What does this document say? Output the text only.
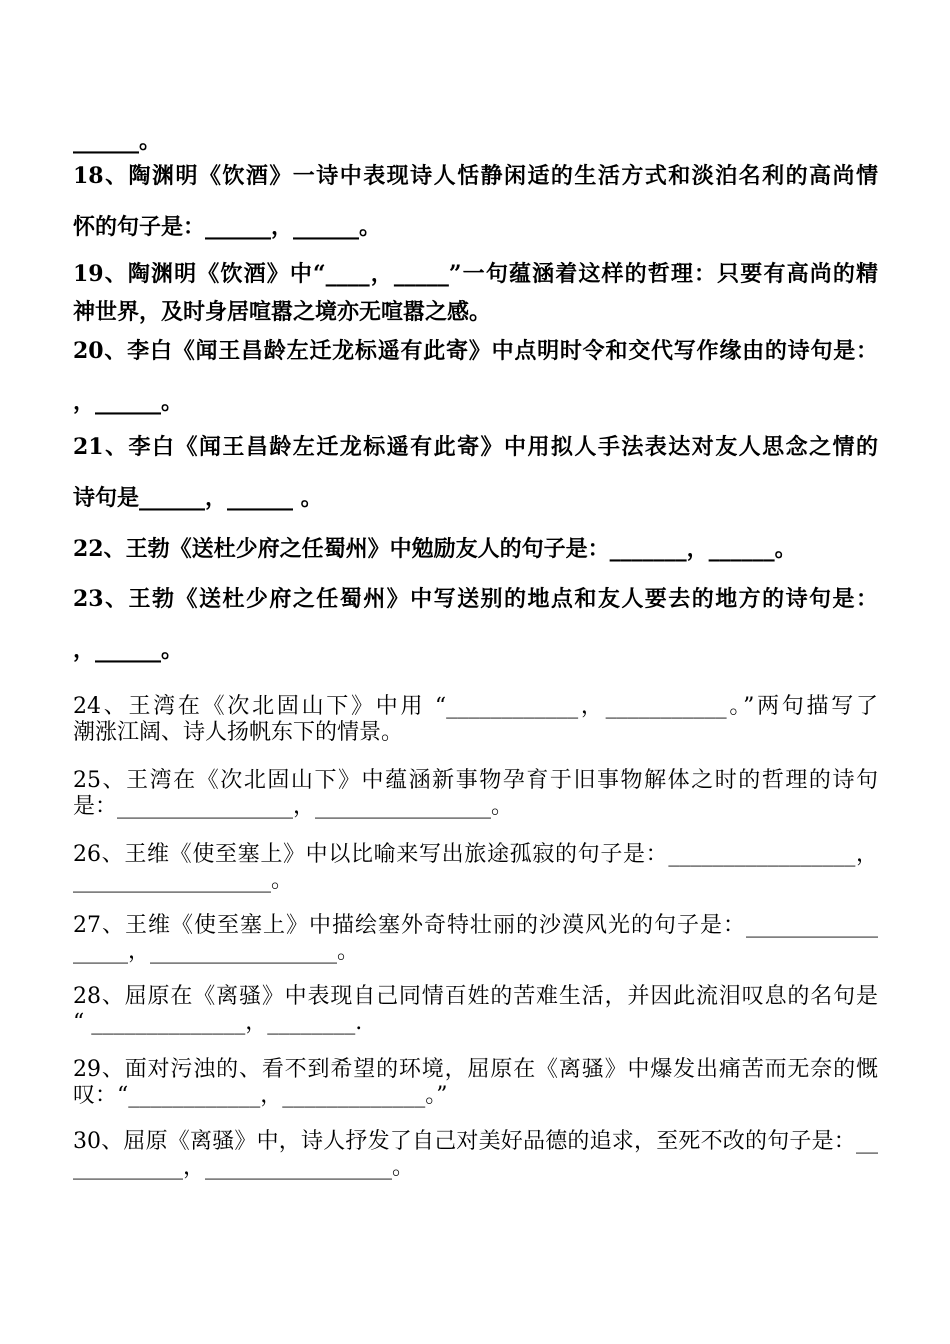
______。
18、陶渊明《饮酒》一诗中表现诗人恬静闲适的生活方式和淡泊名利的高尚情
怀的句子是：______，______。
19、陶渊明《饮酒》中“____，_____”一句蕴涵着这样的哲理：只要有高尚的精
神世界，及时身居喧嚣之境亦无喧嚣之感。
20、李白《闻王昌龄左迁龙标遥有此寄》中点明时令和交代写作缘由的诗句是：
，______。
21、李白《闻王昌龄左迁龙标遥有此寄》中用拟人手法表达对友人思念之情的
诗句是______，______ 。
22、王勃《送杜少府之任蜀州》中勉励友人的句子是：_______，______。
23、王勃《送杜少府之任蜀州》中写送别的地点和友人要去的地方的诗句是：
，______。
24、王湾在《次北固山下》中用 “____________，___________。”两句描写了
潮涨江阔、诗人扬帆东下的情景。
25、王湾在《次北固山下》中蕴涵新事物孕育于旧事物解体之时的哲理的诗句
是：________________，________________。
26、王维《使至塞上》中以比喻来写出旅途孤寂的句子是：_________________，
__________________。
27、王维《使至塞上》中描绘塞外奇特壮丽的沙漠风光的句子是：____________
_____，_________________。
28、屈原在《离骚》中表现自己同情百姓的苦难生活，并因此流泪叹息的名句是
“ ______________，________.
29、面对污浊的、看不到希望的环境，屈原在《离骚》中爆发出痛苦而无奈的慨
叹：“____________，_____________。”
30、屈原《离骚》中，诗人抒发了自己对美好品德的追求，至死不改的句子是：__
__________，_________________。
